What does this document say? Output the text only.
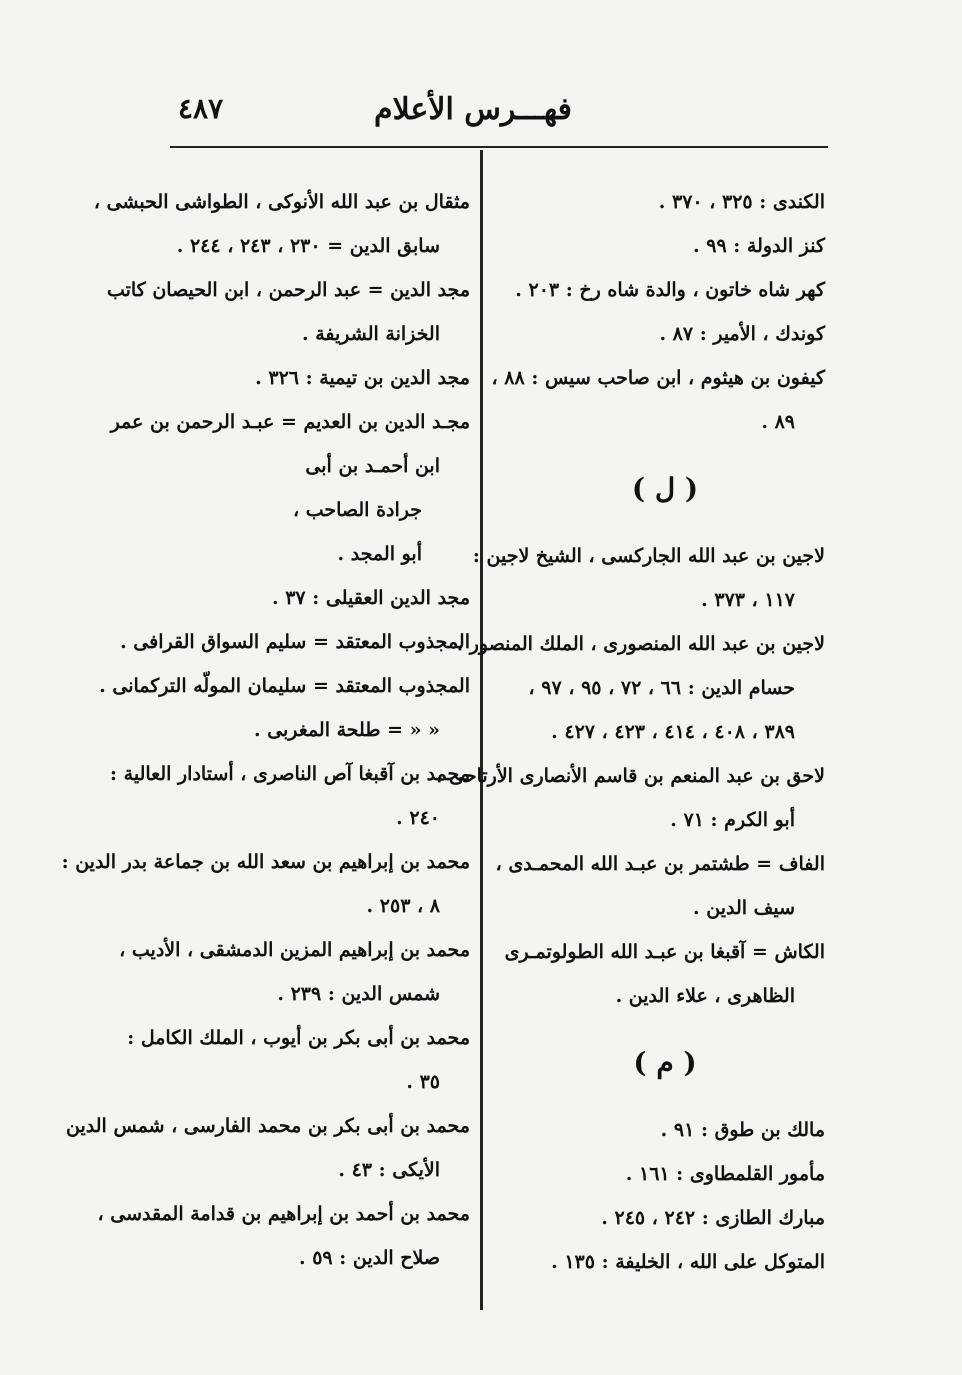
٤٨٧	فهـــرس الأعلام
الكندى : ٣٢٥ ، ٣٧٠ .
كنز الدولة : ٩٩ .
كهر شاه خاتون ، والدة شاه رخ : ٢٠٣ .
كوندك ، الأمير : ٨٧ .
كيفون بن هيثوم ، ابن صاحب سيس : ٨٨ ،
٨٩ .
( ل )
لاجين بن عبد الله الجاركسى ، الشيخ لاجين :
١١٧ ، ٣٧٣ .
لاجين بن عبد الله المنصورى ، الملك المنصور ،
حسام الدين : ٦٦ ، ٧٢ ، ٩٥ ، ٩٧ ،
٣٨٩ ، ٤٠٨ ، ٤١٤ ، ٤٢٣ ، ٤٢٧ .
لاحق بن عبد المنعم بن قاسم الأنصارى الأرتاحى ،
أبو الكرم : ٧١ .
الفاف = طشتمر بن عبـد الله المحمـدى ،
سيف الدين .
الكاش = آقبغا بن عبـد الله الطولوتمـرى
الظاهرى ، علاء الدين .
( م )
مالك بن طوق : ٩١ .
مأمور القلمطاوى : ١٦١ .
مبارك الطازى : ٢٤٢ ، ٢٤٥ .
المتوكل على الله ، الخليفة : ١٣٥ .
مثقال بن عبد الله الأنوكى ، الطواشى الحبشى ،
سابق الدين = ٢٣٠ ، ٢٤٣ ، ٢٤٤ .
مجد الدين = عبد الرحمن ، ابن الحيصان كاتب
الخزانة الشريفة .
مجد الدين بن تيمية : ٣٢٦ .
مجـد الدين بن العديم = عبـد الرحمن بن عمر
ابن أحمـد بن أبى
جرادة الصاحب ،
أبو المجد .
مجد الدين العقيلى : ٣٧ .
المجذوب المعتقد = سليم السواق القرافى .
المجذوب المعتقد = سليمان المولّه التركمانى .
« « = طلحة المغربى .
محمد بن آقبغا آص الناصرى ، أستادار العالية :
٢٤٠ .
محمد بن إبراهيم بن سعد الله بن جماعة بدر الدين :
٨ ، ٢٥٣ .
محمد بن إبراهيم المزين الدمشقى ، الأديب ،
شمس الدين : ٢٣٩ .
محمد بن أبى بكر بن أيوب ، الملك الكامل :
٣٥ .
محمد بن أبى بكر بن محمد الفارسى ، شمس الدين
الأيكى : ٤٣ .
محمد بن أحمد بن إبراهيم بن قدامة المقدسى ،
صلاح الدين : ٥٩ .
